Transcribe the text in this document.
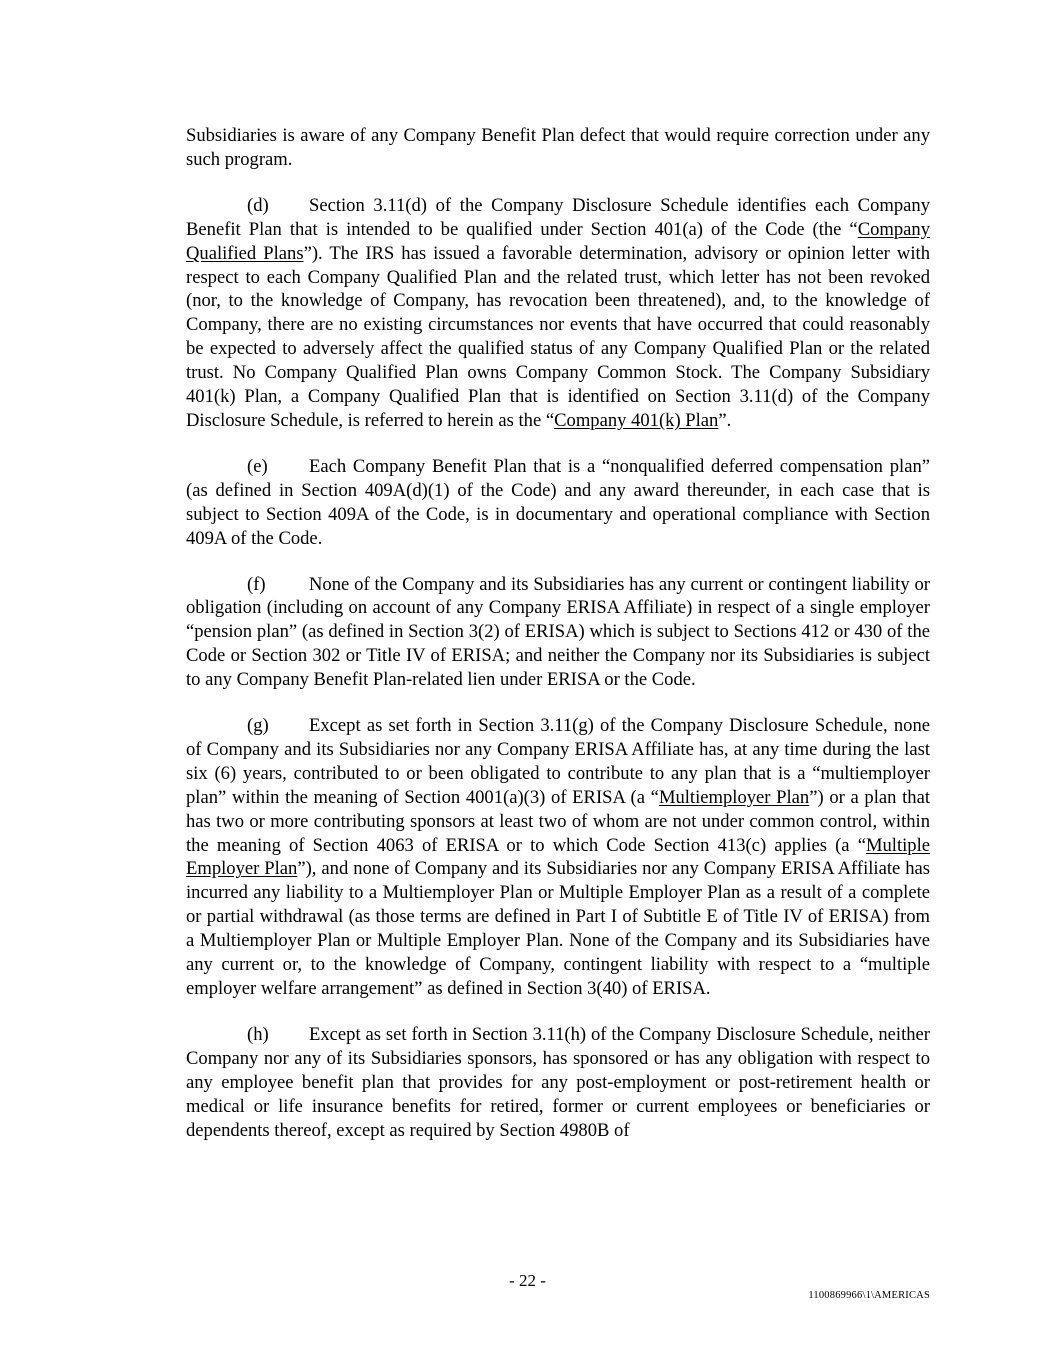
Subsidiaries is aware of any Company Benefit Plan defect that would require correction under any such program.

(d) Section 3.11(d) of the Company Disclosure Schedule identifies each Company Benefit Plan that is intended to be qualified under Section 401(a) of the Code (the “Company Qualified Plans”). The IRS has issued a favorable determination, advisory or opinion letter with respect to each Company Qualified Plan and the related trust, which letter has not been revoked (nor, to the knowledge of Company, has revocation been threatened), and, to the knowledge of Company, there are no existing circumstances nor events that have occurred that could reasonably be expected to adversely affect the qualified status of any Company Qualified Plan or the related trust. No Company Qualified Plan owns Company Common Stock. The Company Subsidiary 401(k) Plan, a Company Qualified Plan that is identified on Section 3.11(d) of the Company Disclosure Schedule, is referred to herein as the “Company 401(k) Plan”.

(e) Each Company Benefit Plan that is a “nonqualified deferred compensation plan” (as defined in Section 409A(d)(1) of the Code) and any award thereunder, in each case that is subject to Section 409A of the Code, is in documentary and operational compliance with Section 409A of the Code.

(f) None of the Company and its Subsidiaries has any current or contingent liability or obligation (including on account of any Company ERISA Affiliate) in respect of a single employer “pension plan” (as defined in Section 3(2) of ERISA) which is subject to Sections 412 or 430 of the Code or Section 302 or Title IV of ERISA; and neither the Company nor its Subsidiaries is subject to any Company Benefit Plan-related lien under ERISA or the Code.

(g) Except as set forth in Section 3.11(g) of the Company Disclosure Schedule, none of Company and its Subsidiaries nor any Company ERISA Affiliate has, at any time during the last six (6) years, contributed to or been obligated to contribute to any plan that is a “multiemployer plan” within the meaning of Section 4001(a)(3) of ERISA (a “Multiemployer Plan”) or a plan that has two or more contributing sponsors at least two of whom are not under common control, within the meaning of Section 4063 of ERISA or to which Code Section 413(c) applies (a “Multiple Employer Plan”), and none of Company and its Subsidiaries nor any Company ERISA Affiliate has incurred any liability to a Multiemployer Plan or Multiple Employer Plan as a result of a complete or partial withdrawal (as those terms are defined in Part I of Subtitle E of Title IV of ERISA) from a Multiemployer Plan or Multiple Employer Plan. None of the Company and its Subsidiaries have any current or, to the knowledge of Company, contingent liability with respect to a “multiple employer welfare arrangement” as defined in Section 3(40) of ERISA.

(h) Except as set forth in Section 3.11(h) of the Company Disclosure Schedule, neither Company nor any of its Subsidiaries sponsors, has sponsored or has any obligation with respect to any employee benefit plan that provides for any post-employment or post-retirement health or medical or life insurance benefits for retired, former or current employees or beneficiaries or dependents thereof, except as required by Section 4980B of

- 22 -
1100869966\1\AMERICAS
